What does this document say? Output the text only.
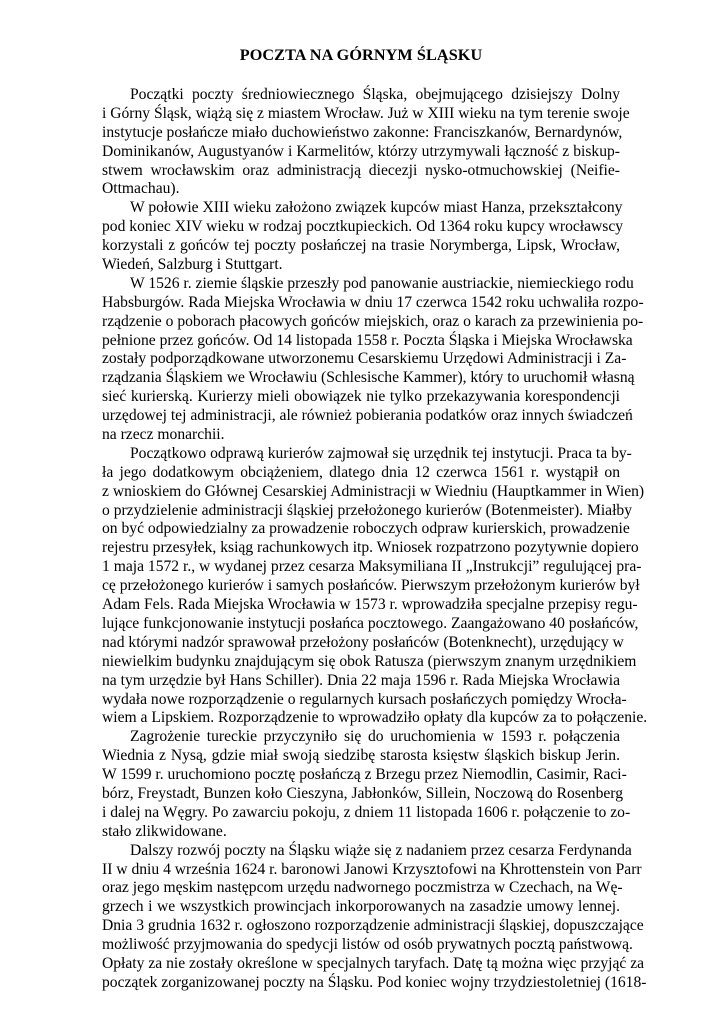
POCZTA NA GÓRNYM ŚLĄSKU

Początki poczty średniowiecznego Śląska, obejmującego dzisiejszy Dolny
i Górny Śląsk, wiążą się z miastem Wrocław. Już w XIII wieku na tym terenie swoje
instytucje posłańcze miało duchowieństwo zakonne: Franciszkanów, Bernardynów,
Dominikanów, Augustyanów i Karmelitów, którzy utrzymywali łączność z biskup-
stwem wrocławskim oraz administracją diecezji nysko-otmuchowskiej (Neifie-
Ottmachau).

W połowie XIII wieku założono związek kupców miast Hanza, przekształcony
pod koniec XIV wieku w rodzaj pocztkupieckich. Od 1364 roku kupcy wrocławscy
korzystali z gońców tej poczty posłańczej na trasie Norymberga, Lipsk, Wrocław,
Wiedeń, Salzburg i Stuttgart.

W 1526 r. ziemie śląskie przeszły pod panowanie austriackie, niemieckiego rodu
Habsburgów. Rada Miejska Wrocławia w dniu 17 czerwca 1542 roku uchwaliła rozpo-
rządzenie o poborach płacowych gońców miejskich, oraz o karach za przewinienia po-
pełnione przez gońców. Od 14 listopada 1558 r. Poczta Śląska i Miejska Wrocławska
zostały podporządkowane utworzonemu Cesarskiemu Urzędowi Administracji i Za-
rządzania Śląskiem we Wrocławiu (Schlesische Kammer), który to uruchomił własną
sieć kurierską. Kurierzy mieli obowiązek nie tylko przekazywania korespondencji
urzędowej tej administracji, ale również pobierania podatków oraz innych świadczeń
na rzecz monarchii.

Początkowo odprawą kurierów zajmował się urzędnik tej instytucji. Praca ta by-
ła jego dodatkowym obciążeniem, dlatego dnia 12 czerwca 1561 r. wystąpił on
z wnioskiem do Głównej Cesarskiej Administracji w Wiedniu (Hauptkammer in Wien)
o przydzielenie administracji śląskiej przełożonego kurierów (Botenmeister). Miałby
on być odpowiedzialny za prowadzenie roboczych odpraw kurierskich, prowadzenie
rejestru przesyłek, ksiąg rachunkowych itp. Wniosek rozpatrzono pozytywnie dopiero
1 maja 1572 r., w wydanej przez cesarza Maksymiliana II „Instrukcji” regulującej pra-
cę przełożonego kurierów i samych posłańców. Pierwszym przełożonym kurierów był
Adam Fels. Rada Miejska Wrocławia w 1573 r. wprowadziła specjalne przepisy regu-
lujące funkcjonowanie instytucji posłańca pocztowego. Zaangażowano 40 posłańców,
nad którymi nadzór sprawował przełożony posłańców (Botenknecht), urzędujący w
niewielkim budynku znajdującym się obok Ratusza (pierwszym znanym urzędnikiem
na tym urzędzie był Hans Schiller). Dnia 22 maja 1596 r. Rada Miejska Wrocławia
wydała nowe rozporządzenie o regularnych kursach posłańczych pomiędzy Wrocła-
wiem a Lipskiem. Rozporządzenie to wprowadziło opłaty dla kupców za to połączenie.

Zagrożenie tureckie przyczyniło się do uruchomienia w 1593 r. połączenia
Wiednia z Nysą, gdzie miał swoją siedzibę starosta księstw śląskich biskup Jerin.
W 1599 r. uruchomiono pocztę posłańczą z Brzegu przez Niemodlin, Casimir, Raci-
bórz, Freystadt, Bunzen koło Cieszyna, Jabłonków, Sillein, Noczową do Rosenberg
i dalej na Węgry. Po zawarciu pokoju, z dniem 11 listopada 1606 r. połączenie to zo-
stało zlikwidowane.

Dalszy rozwój poczty na Śląsku wiąże się z nadaniem przez cesarza Ferdynanda
II w dniu 4 września 1624 r. baronowi Janowi Krzysztofowi na Khrottenstein von Parr
oraz jego męskim następcom urzędu nadwornego poczmistrza w Czechach, na Wę-
grzech i we wszystkich prowincjach inkorporowanych na zasadzie umowy lennej.
Dnia 3 grudnia 1632 r. ogłoszono rozporządzenie administracji śląskiej, dopuszczające
możliwość przyjmowania do spedycji listów od osób prywatnych pocztą państwową.
Opłaty za nie zostały określone w specjalnych taryfach. Datę tą można więc przyjąć za
początek zorganizowanej poczty na Śląsku. Pod koniec wojny trzydziestoletniej (1618-
